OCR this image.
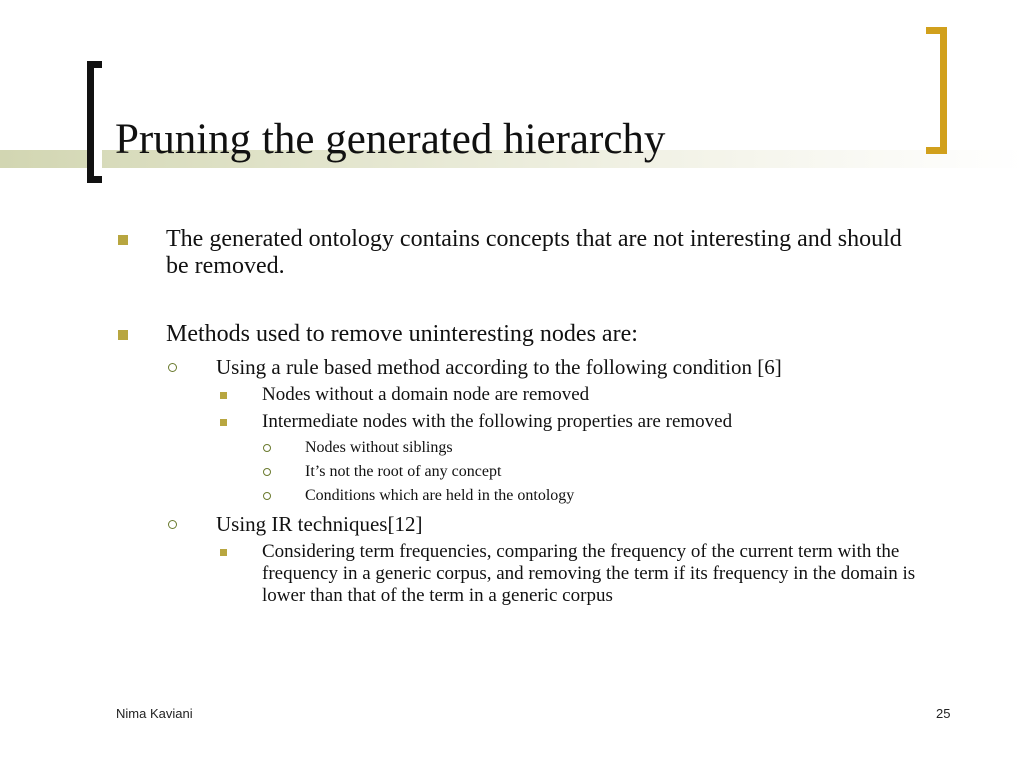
Pruning the generated hierarchy
The generated ontology contains concepts that are not interesting and should be removed.
Methods used to remove uninteresting nodes are:
Using a rule based method according to the following condition [6]
Nodes without a domain node are removed
Intermediate nodes with the following properties are removed
Nodes without siblings
It’s not the root of any concept
Conditions which are held in the ontology
Using IR techniques[12]
Considering term frequencies, comparing the frequency of the current term with the frequency in a generic corpus, and removing the term if its frequency in the domain is lower than that of the term in a generic corpus
Nima Kaviani	25
